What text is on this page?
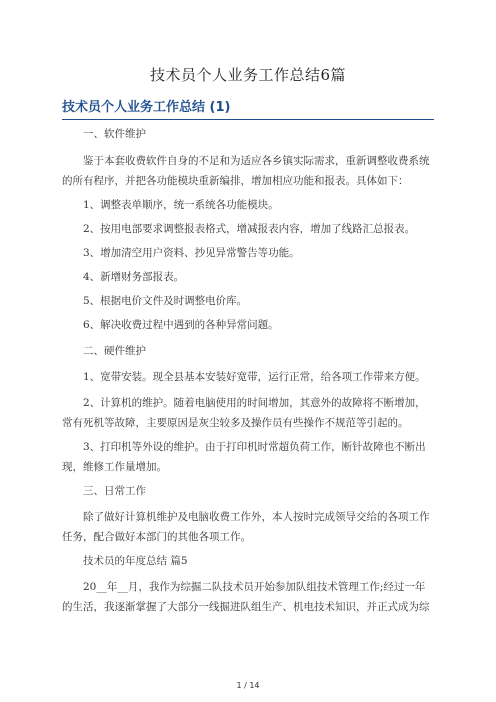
技术员个人业务工作总结6篇
技术员个人业务工作总结 (1)

一、软件维护

鉴于本套收费软件自身的不足和为适应各乡镇实际需求，重新调整收费系统的所有程序，并把各功能模块重新编排，增加相应功能和报表。具体如下：

1、调整表单顺序，统一系统各功能模块。

2、按用电部要求调整报表格式，增减报表内容，增加了线路汇总报表。

3、增加清空用户资料、抄见异常警告等功能。

4、新增财务部报表。

5、根据电价文件及时调整电价库。

6、解决收费过程中遇到的各种异常问题。

二、硬件维护

1、宽带安装。现全县基本安装好宽带，运行正常，给各项工作带来方便。

2、计算机的维护。随着电脑使用的时间增加，其意外的故障将不断增加，常有死机等故障，主要原因是灰尘较多及操作员有些操作不规范等引起的。

3、打印机等外设的维护。由于打印机时常超负荷工作，断针故障也不断出现，维修工作量增加。

三、日常工作

除了做好计算机维护及电脑收费工作外，本人按时完成领导交给的各项工作任务，配合做好本部门的其他各项工作。

技术员的年度总结 篇5

20__年__月，我作为综掘二队技术员开始参加队组技术管理工作;经过一年的生活，我逐渐掌握了大部分一线掘进队组生产、机电技术知识，并正式成为综

1 / 14
